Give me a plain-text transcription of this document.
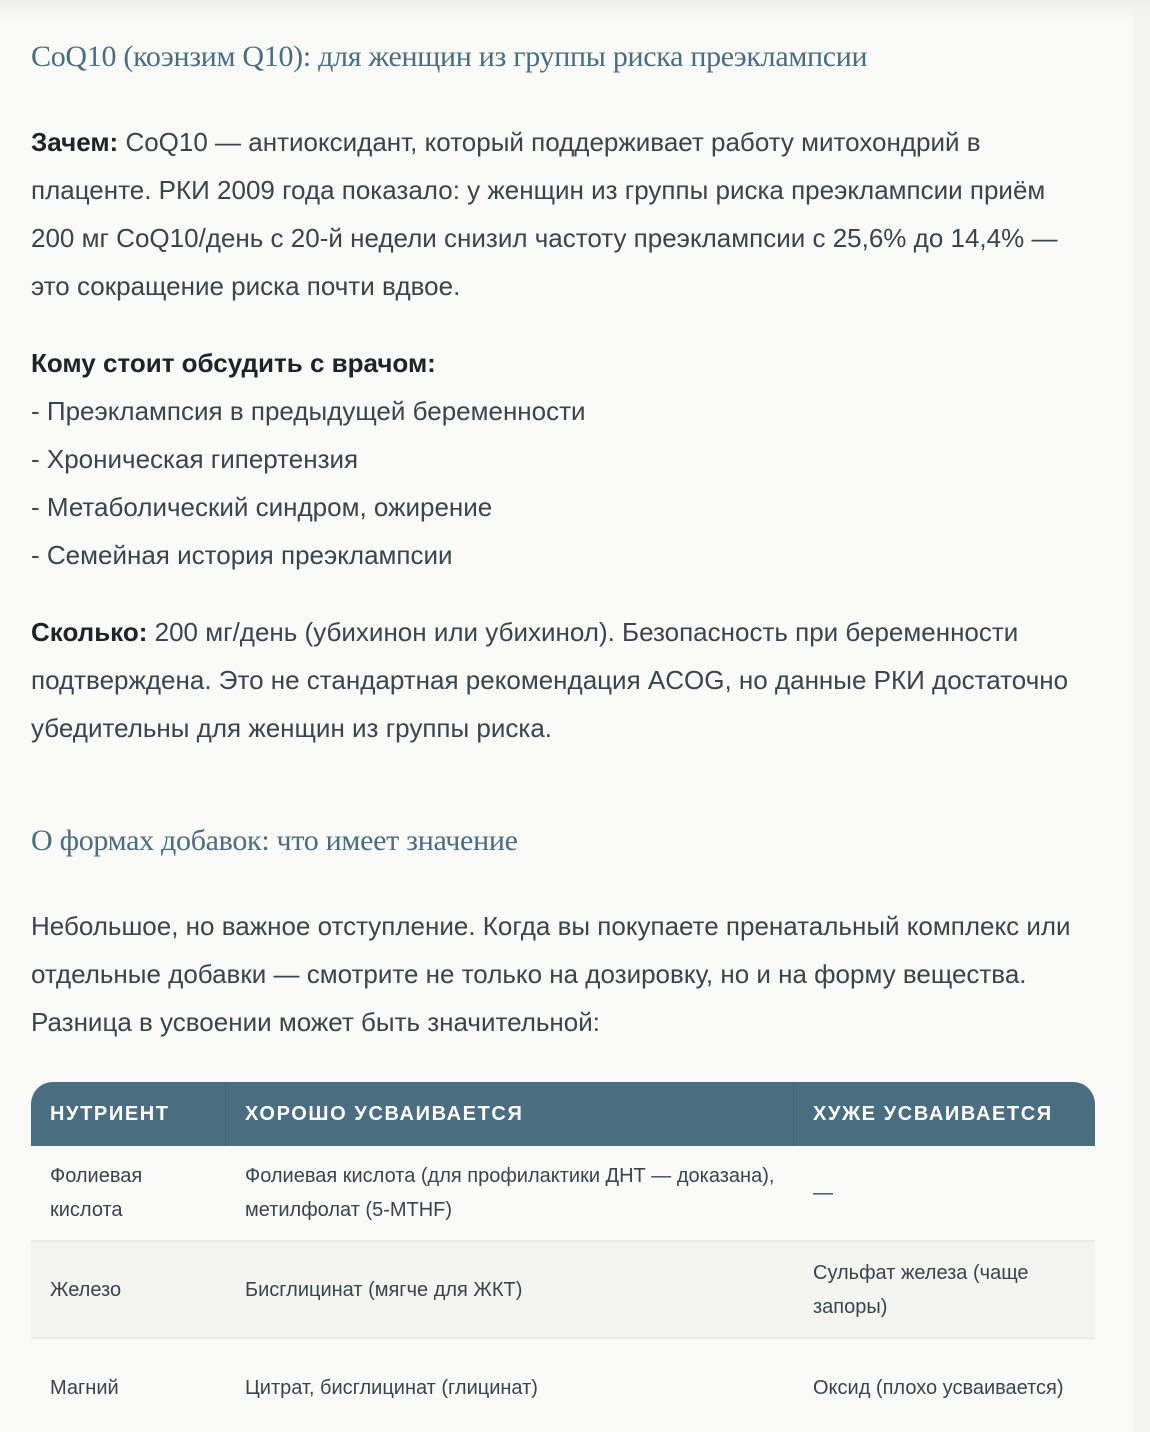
CoQ10 (коэнзим Q10): для женщин из группы риска преэклампсии

Зачем: CoQ10 — антиоксидант, который поддерживает работу митохондрий в плаценте. РКИ 2009 года показало: у женщин из группы риска преэклампсии приём 200 мг CoQ10/день с 20-й недели снизил частоту преэклампсии с 25,6% до 14,4% — это сокращение риска почти вдвое.

Кому стоит обсудить с врачом:
- Преэклампсия в предыдущей беременности
- Хроническая гипертензия
- Метаболический синдром, ожирение
- Семейная история преэклампсии

Сколько: 200 мг/день (убихинон или убихинол). Безопасность при беременности подтверждена. Это не стандартная рекомендация ACOG, но данные РКИ достаточно убедительны для женщин из группы риска.

О формах добавок: что имеет значение

Небольшое, но важное отступление. Когда вы покупаете пренатальный комплекс или отдельные добавки — смотрите не только на дозировку, но и на форму вещества. Разница в усвоении может быть значительной:

НУТРИЕНТ	ХОРОШО УСВАИВАЕТСЯ	ХУЖЕ УСВАИВАЕТСЯ
Фолиевая кислота	Фолиевая кислота (для профилактики ДНТ — доказана), метилфолат (5-MTHF)	—
Железо	Бисглицинат (мягче для ЖКТ)	Сульфат железа (чаще запоры)
Магний	Цитрат, бисглицинат (глицинат)	Оксид (плохо усваивается)
